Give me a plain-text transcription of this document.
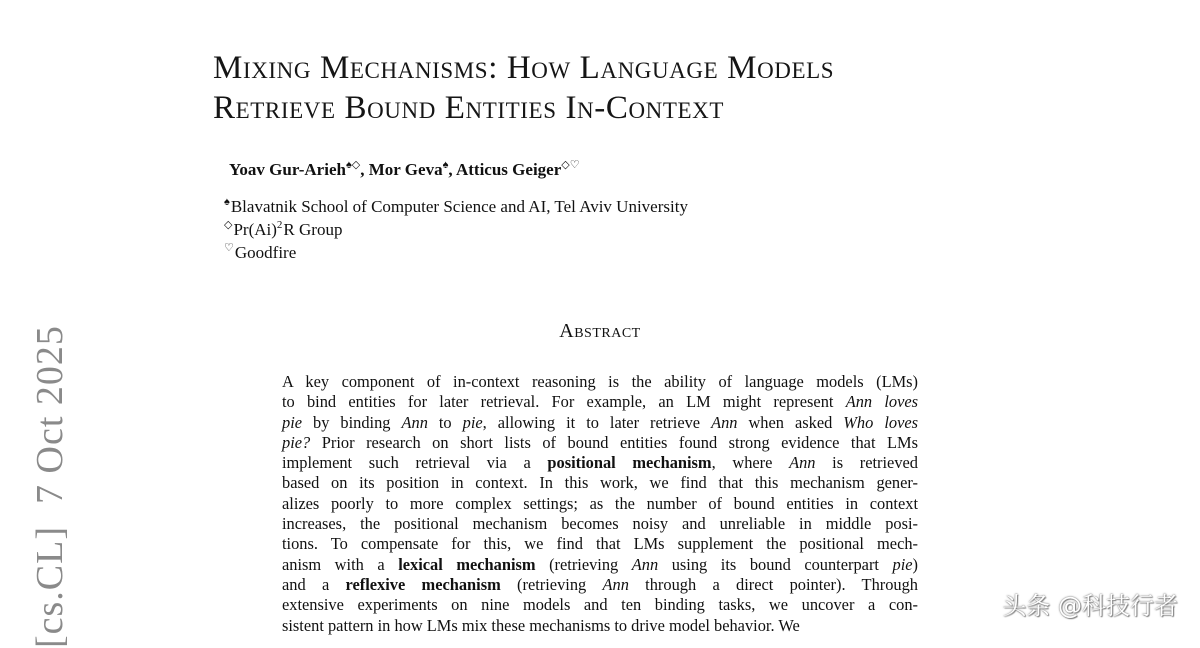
Mixing Mechanisms: How Language Models
Retrieve Bound Entities In-Context
Yoav Gur-Arieh♠◇, Mor Geva♠, Atticus Geiger◇♡
♠Blavatnik School of Computer Science and AI, Tel Aviv University
$^◇Pr(Ai)^2R$ Group
♡Goodfire
Abstract
A key component of in-context reasoning is the ability of language models (LMs)
to bind entities for later retrieval. For example, an LM might represent Ann loves
pie by binding Ann to pie, allowing it to later retrieve Ann when asked Who loves
pie? Prior research on short lists of bound entities found strong evidence that LMs
implement such retrieval via a positional mechanism, where Ann is retrieved
based on its position in context. In this work, we find that this mechanism gener-
alizes poorly to more complex settings; as the number of bound entities in context
increases, the positional mechanism becomes noisy and unreliable in middle posi-
tions. To compensate for this, we find that LMs supplement the positional mech-
anism with a lexical mechanism (retrieving Ann using its bound counterpart pie)
and a reflexive mechanism (retrieving Ann through a direct pointer). Through
extensive experiments on nine models and ten binding tasks, we uncover a con-
sistent pattern in how LMs mix these mechanisms to drive model behavior. We
[cs.CL]7 Oct 2025
头条 @科技行者
